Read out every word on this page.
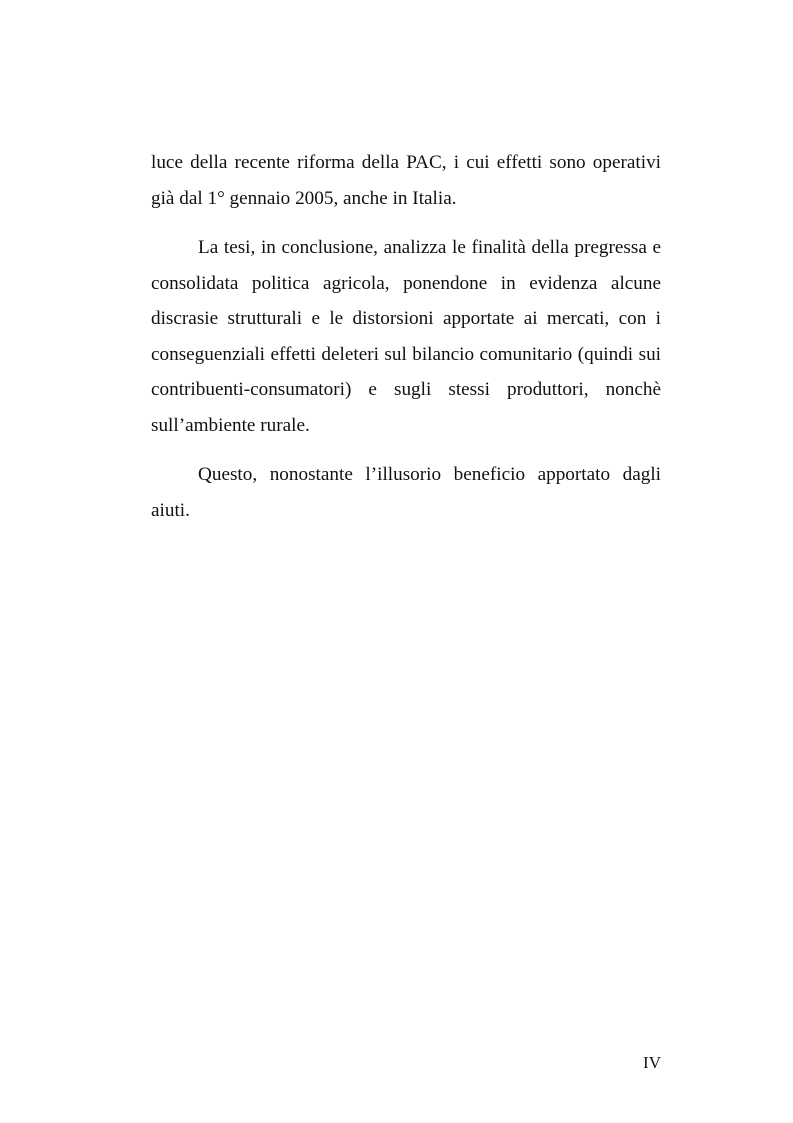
luce della recente riforma della PAC, i cui effetti sono operativi già dal 1° gennaio 2005, anche in Italia.

La tesi, in conclusione, analizza le finalità della pregressa e consolidata politica agricola, ponendone in evidenza alcune discrasie strutturali e le distorsioni apportate ai mercati, con i conseguenziali effetti deleteri sul bilancio comunitario (quindi sui contribuenti-consumatori) e sugli stessi produttori, nonchè sull’ambiente rurale.

Questo, nonostante l’illusorio beneficio apportato dagli aiuti.

IV
